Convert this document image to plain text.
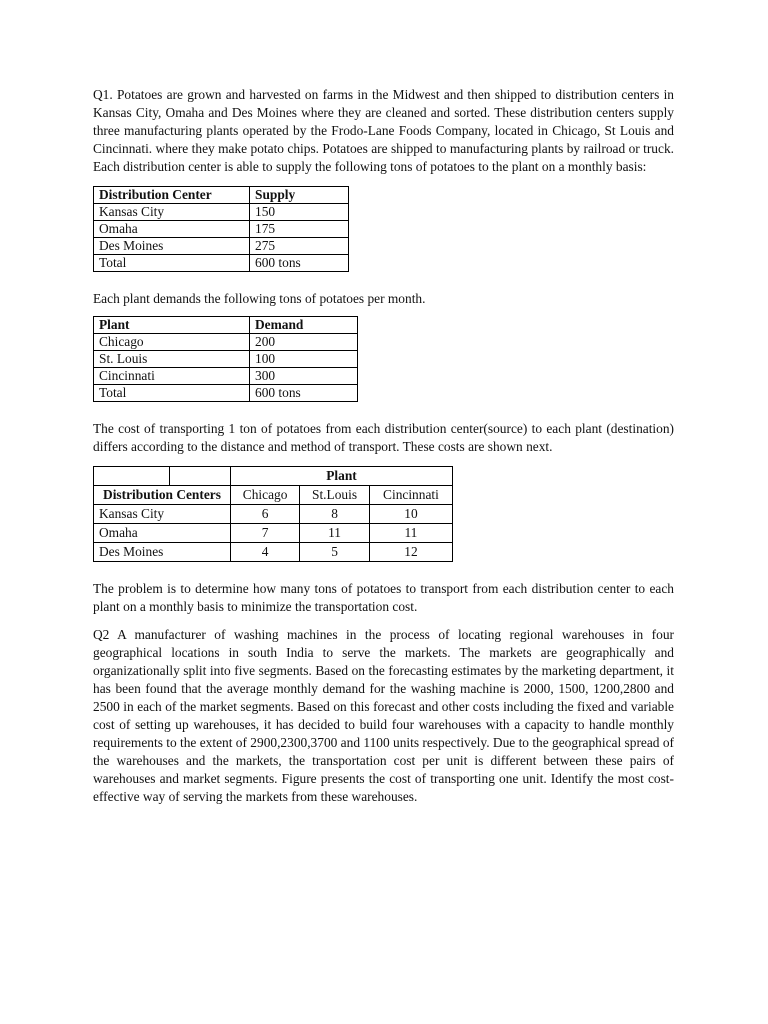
Q1. Potatoes are grown and harvested on farms in the Midwest and then shipped to distribution centers in Kansas City, Omaha and Des Moines where they are cleaned and sorted. These distribution centers supply three manufacturing plants operated by the Frodo-Lane Foods Company, located in Chicago, St Louis and Cincinnati. where they make potato chips. Potatoes are shipped to manufacturing plants by railroad or truck. Each distribution center is able to supply the following tons of potatoes to the plant on a monthly basis:

Distribution Center	Supply
Kansas City	150
Omaha	175
Des Moines	275
Total	600 tons

Each plant demands the following tons of potatoes per month.

Plant	Demand
Chicago	200
St. Louis	100
Cincinnati	300
Total	600 tons

The cost of transporting 1 ton of potatoes from each distribution center(source) to each plant (destination) differs according to the distance and method of transport. These costs are shown next.

		Plant		
Distribution Centers		Chicago	St.Louis	Cincinnati
Kansas City		6	8	10
Omaha		7	11	11
Des Moines		4	5	12

The problem is to determine how many tons of potatoes to transport from each distribution center to each plant on a monthly basis to minimize the transportation cost.

Q2 A manufacturer of washing machines in the process of locating regional warehouses in four geographical locations in south India to serve the markets. The markets are geographically and organizationally split into five segments. Based on the forecasting estimates by the marketing department, it has been found that the average monthly demand for the washing machine is 2000, 1500, 1200,2800 and 2500 in each of the market segments. Based on this forecast and other costs including the fixed and variable cost of setting up warehouses, it has decided to build four warehouses with a capacity to handle monthly requirements to the extent of 2900,2300,3700 and 1100 units respectively. Due to the geographical spread of the warehouses and the markets, the transportation cost per unit is different between these pairs of warehouses and market segments. Figure presents the cost of transporting one unit. Identify the most cost-effective way of serving the markets from these warehouses.
